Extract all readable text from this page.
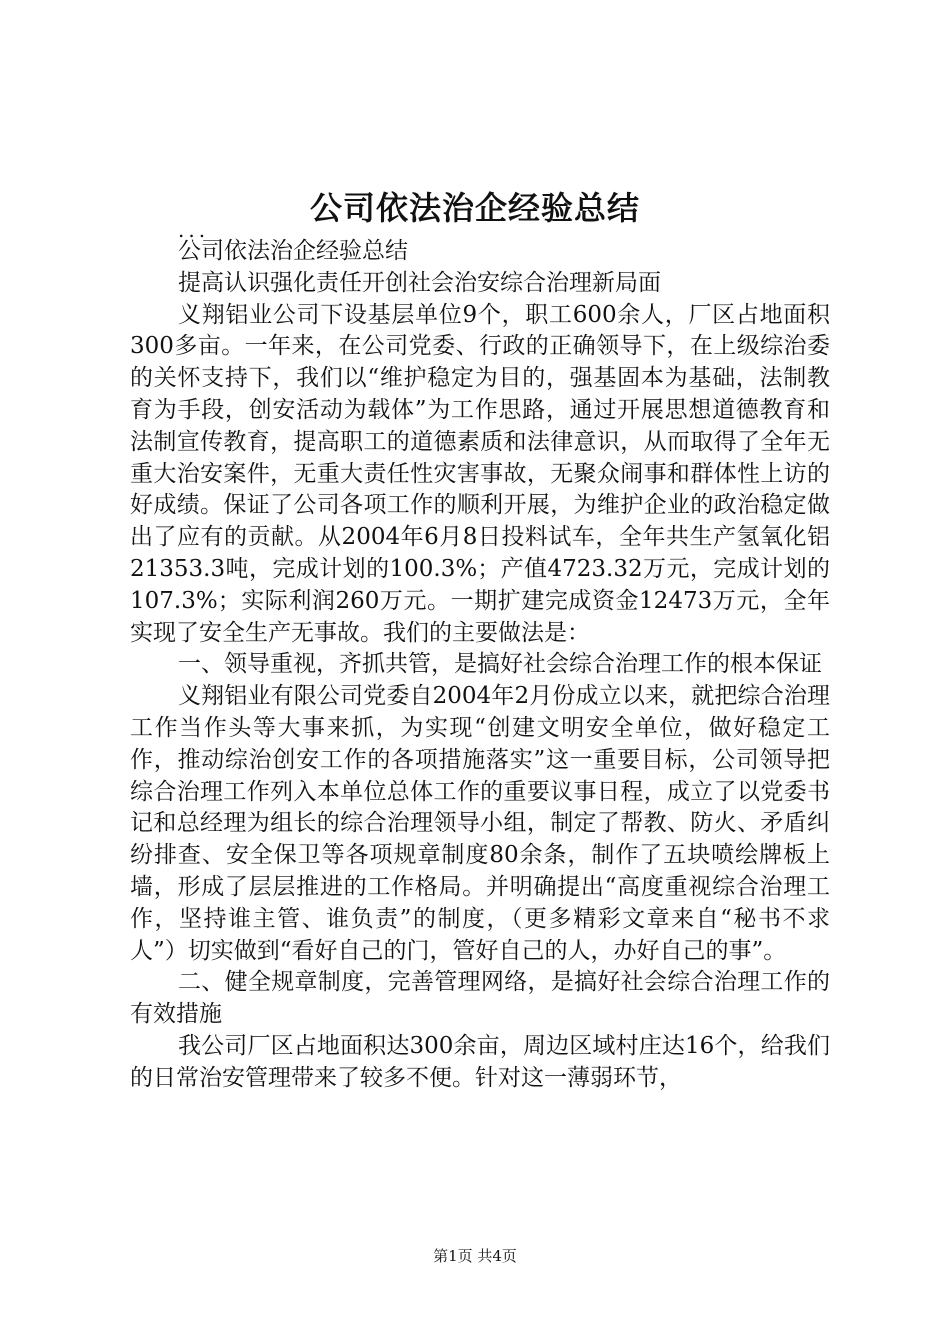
公司依法治企经验总结
...

公司依法治企经验总结

提高认识强化责任开创社会治安综合治理新局面

义翔铝业公司下设基层单位9个，职工600余人，厂区占地面积300多亩。一年来，在公司党委、行政的正确领导下，在上级综治委的关怀支持下，我们以“维护稳定为目的，强基固本为基础，法制教育为手段，创安活动为载体”为工作思路，通过开展思想道德教育和法制宣传教育，提高职工的道德素质和法律意识，从而取得了全年无重大治安案件，无重大责任性灾害事故，无聚众闹事和群体性上访的好成绩。保证了公司各项工作的顺利开展，为维护企业的政治稳定做出了应有的贡献。从2004年6月8日投料试车，全年共生产氢氧化铝21353.3吨，完成计划的100.3%；产值4723.32万元，完成计划的107.3%；实际利润260万元。一期扩建完成资金12473万元，全年实现了安全生产无事故。我们的主要做法是：

一、领导重视，齐抓共管，是搞好社会综合治理工作的根本保证

义翔铝业有限公司党委自2004年2月份成立以来，就把综合治理工作当作头等大事来抓，为实现“创建文明安全单位，做好稳定工作，推动综治创安工作的各项措施落实”这一重要目标，公司领导把综合治理工作列入本单位总体工作的重要议事日程，成立了以党委书记和总经理为组长的综合治理领导小组，制定了帮教、防火、矛盾纠纷排查、安全保卫等各项规章制度80余条，制作了五块喷绘牌板上墙，形成了层层推进的工作格局。并明确提出“高度重视综合治理工作，坚持谁主管、谁负责”的制度，（更多精彩文章来自“秘书不求人”）切实做到“看好自己的门，管好自己的人，办好自己的事”。

二、健全规章制度，完善管理网络，是搞好社会综合治理工作的有效措施

我公司厂区占地面积达300余亩，周边区域村庄达16个，给我们的日常治安管理带来了较多不便。针对这一薄弱环节，

第1页 共4页
